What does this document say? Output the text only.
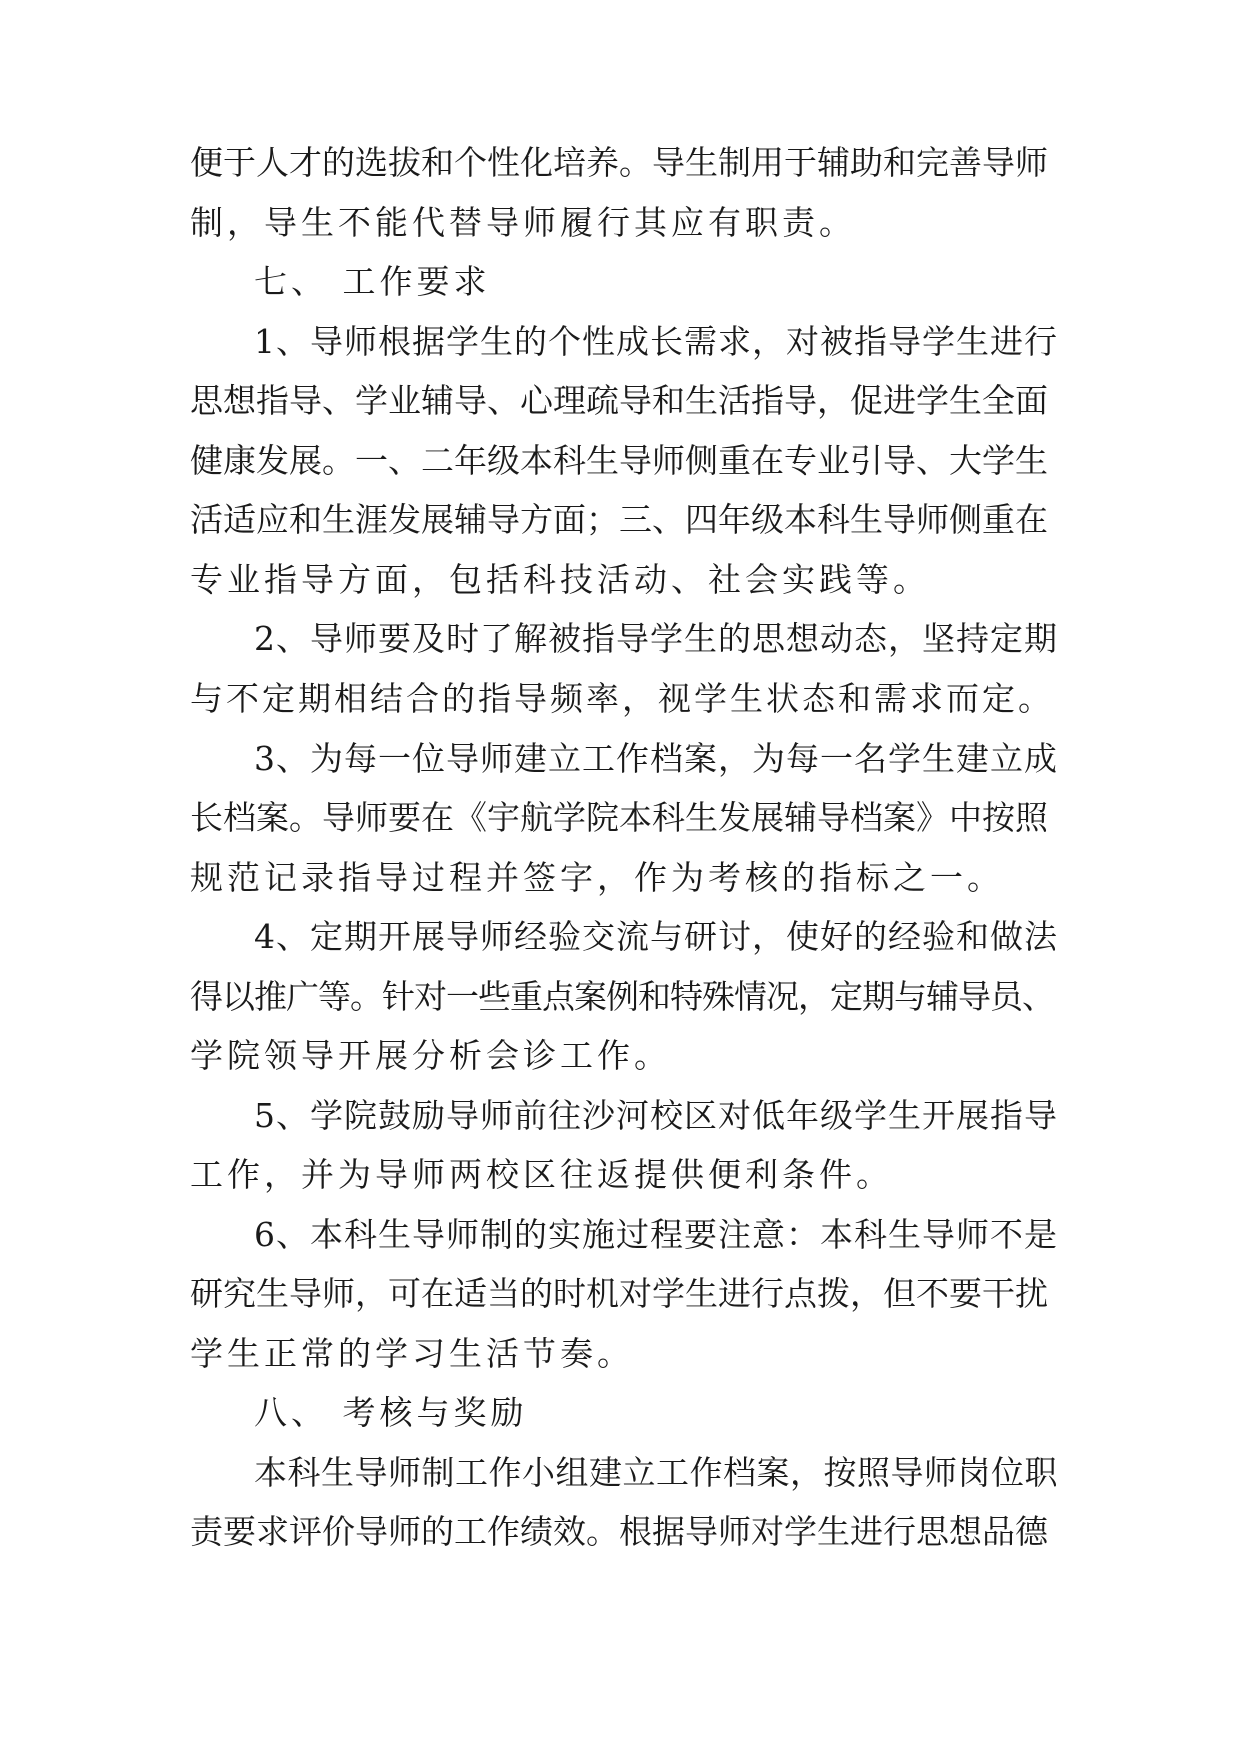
便于人才的选拔和个性化培养。导生制用于辅助和完善导师
制，导生不能代替导师履行其应有职责。
七、 工作要求
1、导师根据学生的个性成长需求，对被指导学生进行
思想指导、学业辅导、心理疏导和生活指导，促进学生全面
健康发展。一、二年级本科生导师侧重在专业引导、大学生
活适应和生涯发展辅导方面；三、四年级本科生导师侧重在
专业指导方面，包括科技活动、社会实践等。
2、导师要及时了解被指导学生的思想动态，坚持定期
与不定期相结合的指导频率，视学生状态和需求而定。
3、为每一位导师建立工作档案，为每一名学生建立成
长档案。导师要在《宇航学院本科生发展辅导档案》中按照
规范记录指导过程并签字，作为考核的指标之一。
4、定期开展导师经验交流与研讨，使好的经验和做法
得以推广等。针对一些重点案例和特殊情况，定期与辅导员、
学院领导开展分析会诊工作。
5、学院鼓励导师前往沙河校区对低年级学生开展指导
工作，并为导师两校区往返提供便利条件。
6、本科生导师制的实施过程要注意：本科生导师不是
研究生导师，可在适当的时机对学生进行点拨，但不要干扰
学生正常的学习生活节奏。
八、 考核与奖励
本科生导师制工作小组建立工作档案，按照导师岗位职
责要求评价导师的工作绩效。根据导师对学生进行思想品德
